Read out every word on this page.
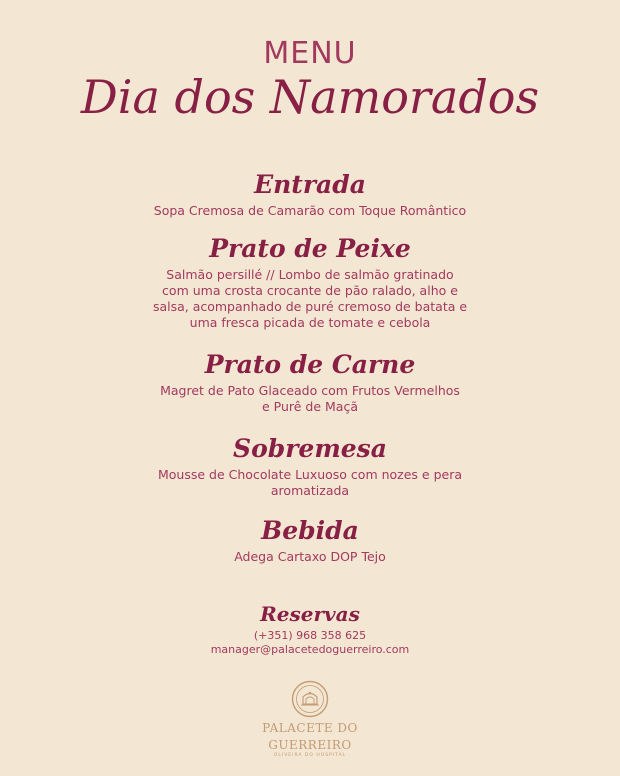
MENU
Dia dos Namorados
Entrada

Sopa Cremosa de Camarão com Toque Romântico

Prato de Peixe

Salmão persillé // Lombo de salmão gratinado
com uma crosta crocante de pão ralado, alho e
salsa, acompanhado de puré cremoso de batata e
uma fresca picada de tomate e cebola

Prato de Carne

Magret de Pato Glaceado com Frutos Vermelhos
e Purê de Maçã

Sobremesa

Mousse de Chocolate Luxuoso com nozes e pera
aromatizada

Bebida

Adega Cartaxo DOP Tejo

Reservas

(+351) 968 358 625
manager@palacetedoguerreiro.com

PALACETE DO
GUERREIRO
OLIVEIRA DO HOSPITAL
